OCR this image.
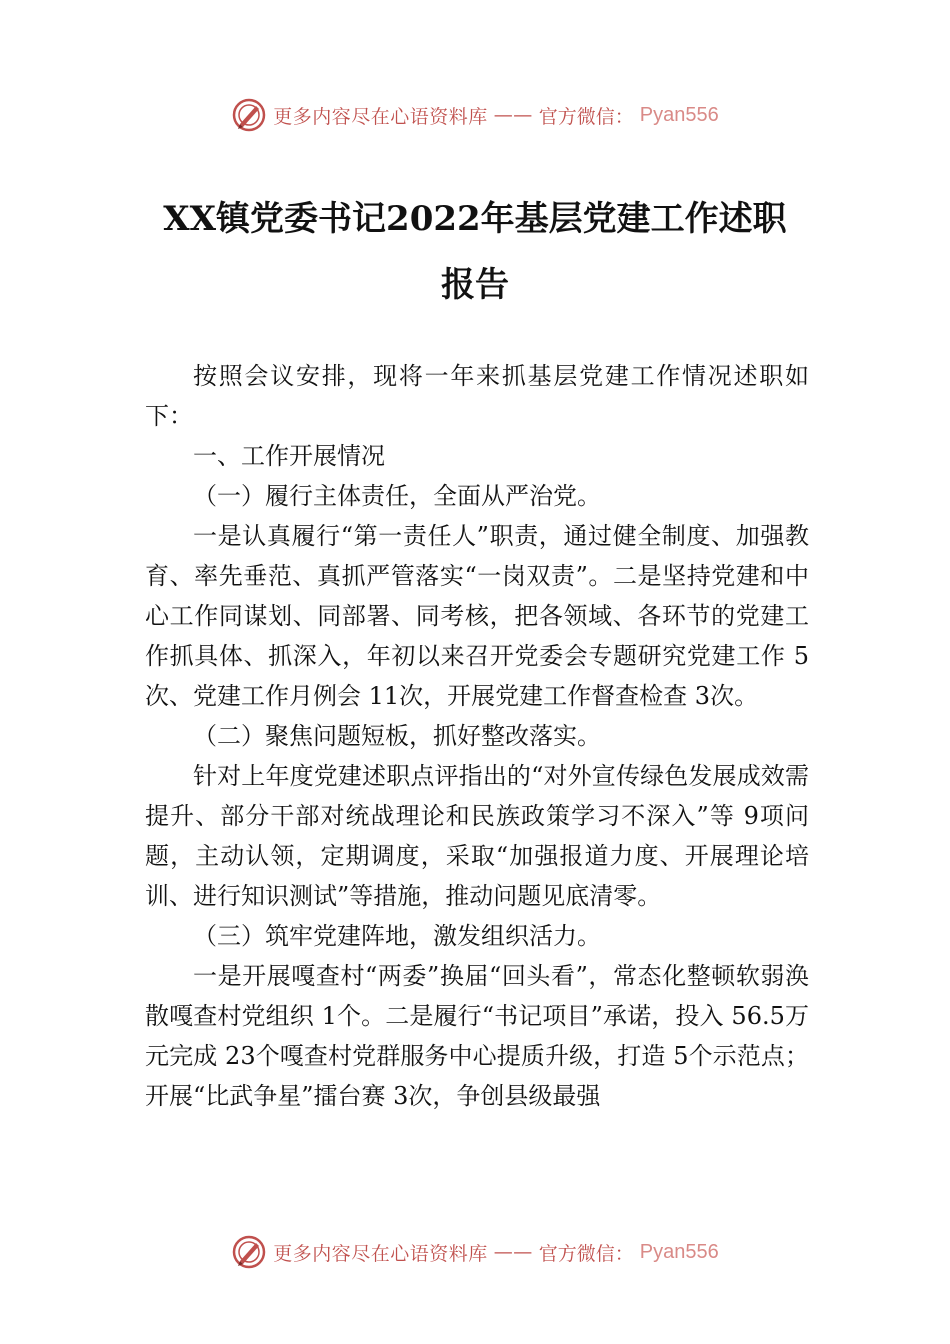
更多内容尽在心语资料库 —— 官方微信： Pyan556
XX镇党委书记2022年基层党建工作述职
报告

按照会议安排，现将一年来抓基层党建工作情况述职如下：

一、工作开展情况

（一）履行主体责任，全面从严治党。

一是认真履行“第一责任人”职责，通过健全制度、加强教育、率先垂范、真抓严管落实“一岗双责”。二是坚持党建和中心工作同谋划、同部署、同考核，把各领域、各环节的党建工作抓具体、抓深入，年初以来召开党委会专题研究党建工作 5次、党建工作月例会 11次，开展党建工作督查检查 3次。

（二）聚焦问题短板，抓好整改落实。

针对上年度党建述职点评指出的“对外宣传绿色发展成效需提升、部分干部对统战理论和民族政策学习不深入”等 9项问题，主动认领，定期调度，采取“加强报道力度、开展理论培训、进行知识测试”等措施，推动问题见底清零。

（三）筑牢党建阵地，激发组织活力。

一是开展嘎查村“两委”换届“回头看”，常态化整顿软弱涣散嘎查村党组织 1个。二是履行“书记项目”承诺，投入 56.5万元完成 23个嘎查村党群服务中心提质升级，打造 5个示范点；开展“比武争星”擂台赛 3次，争创县级最强

更多内容尽在心语资料库 —— 官方微信： Pyan556
